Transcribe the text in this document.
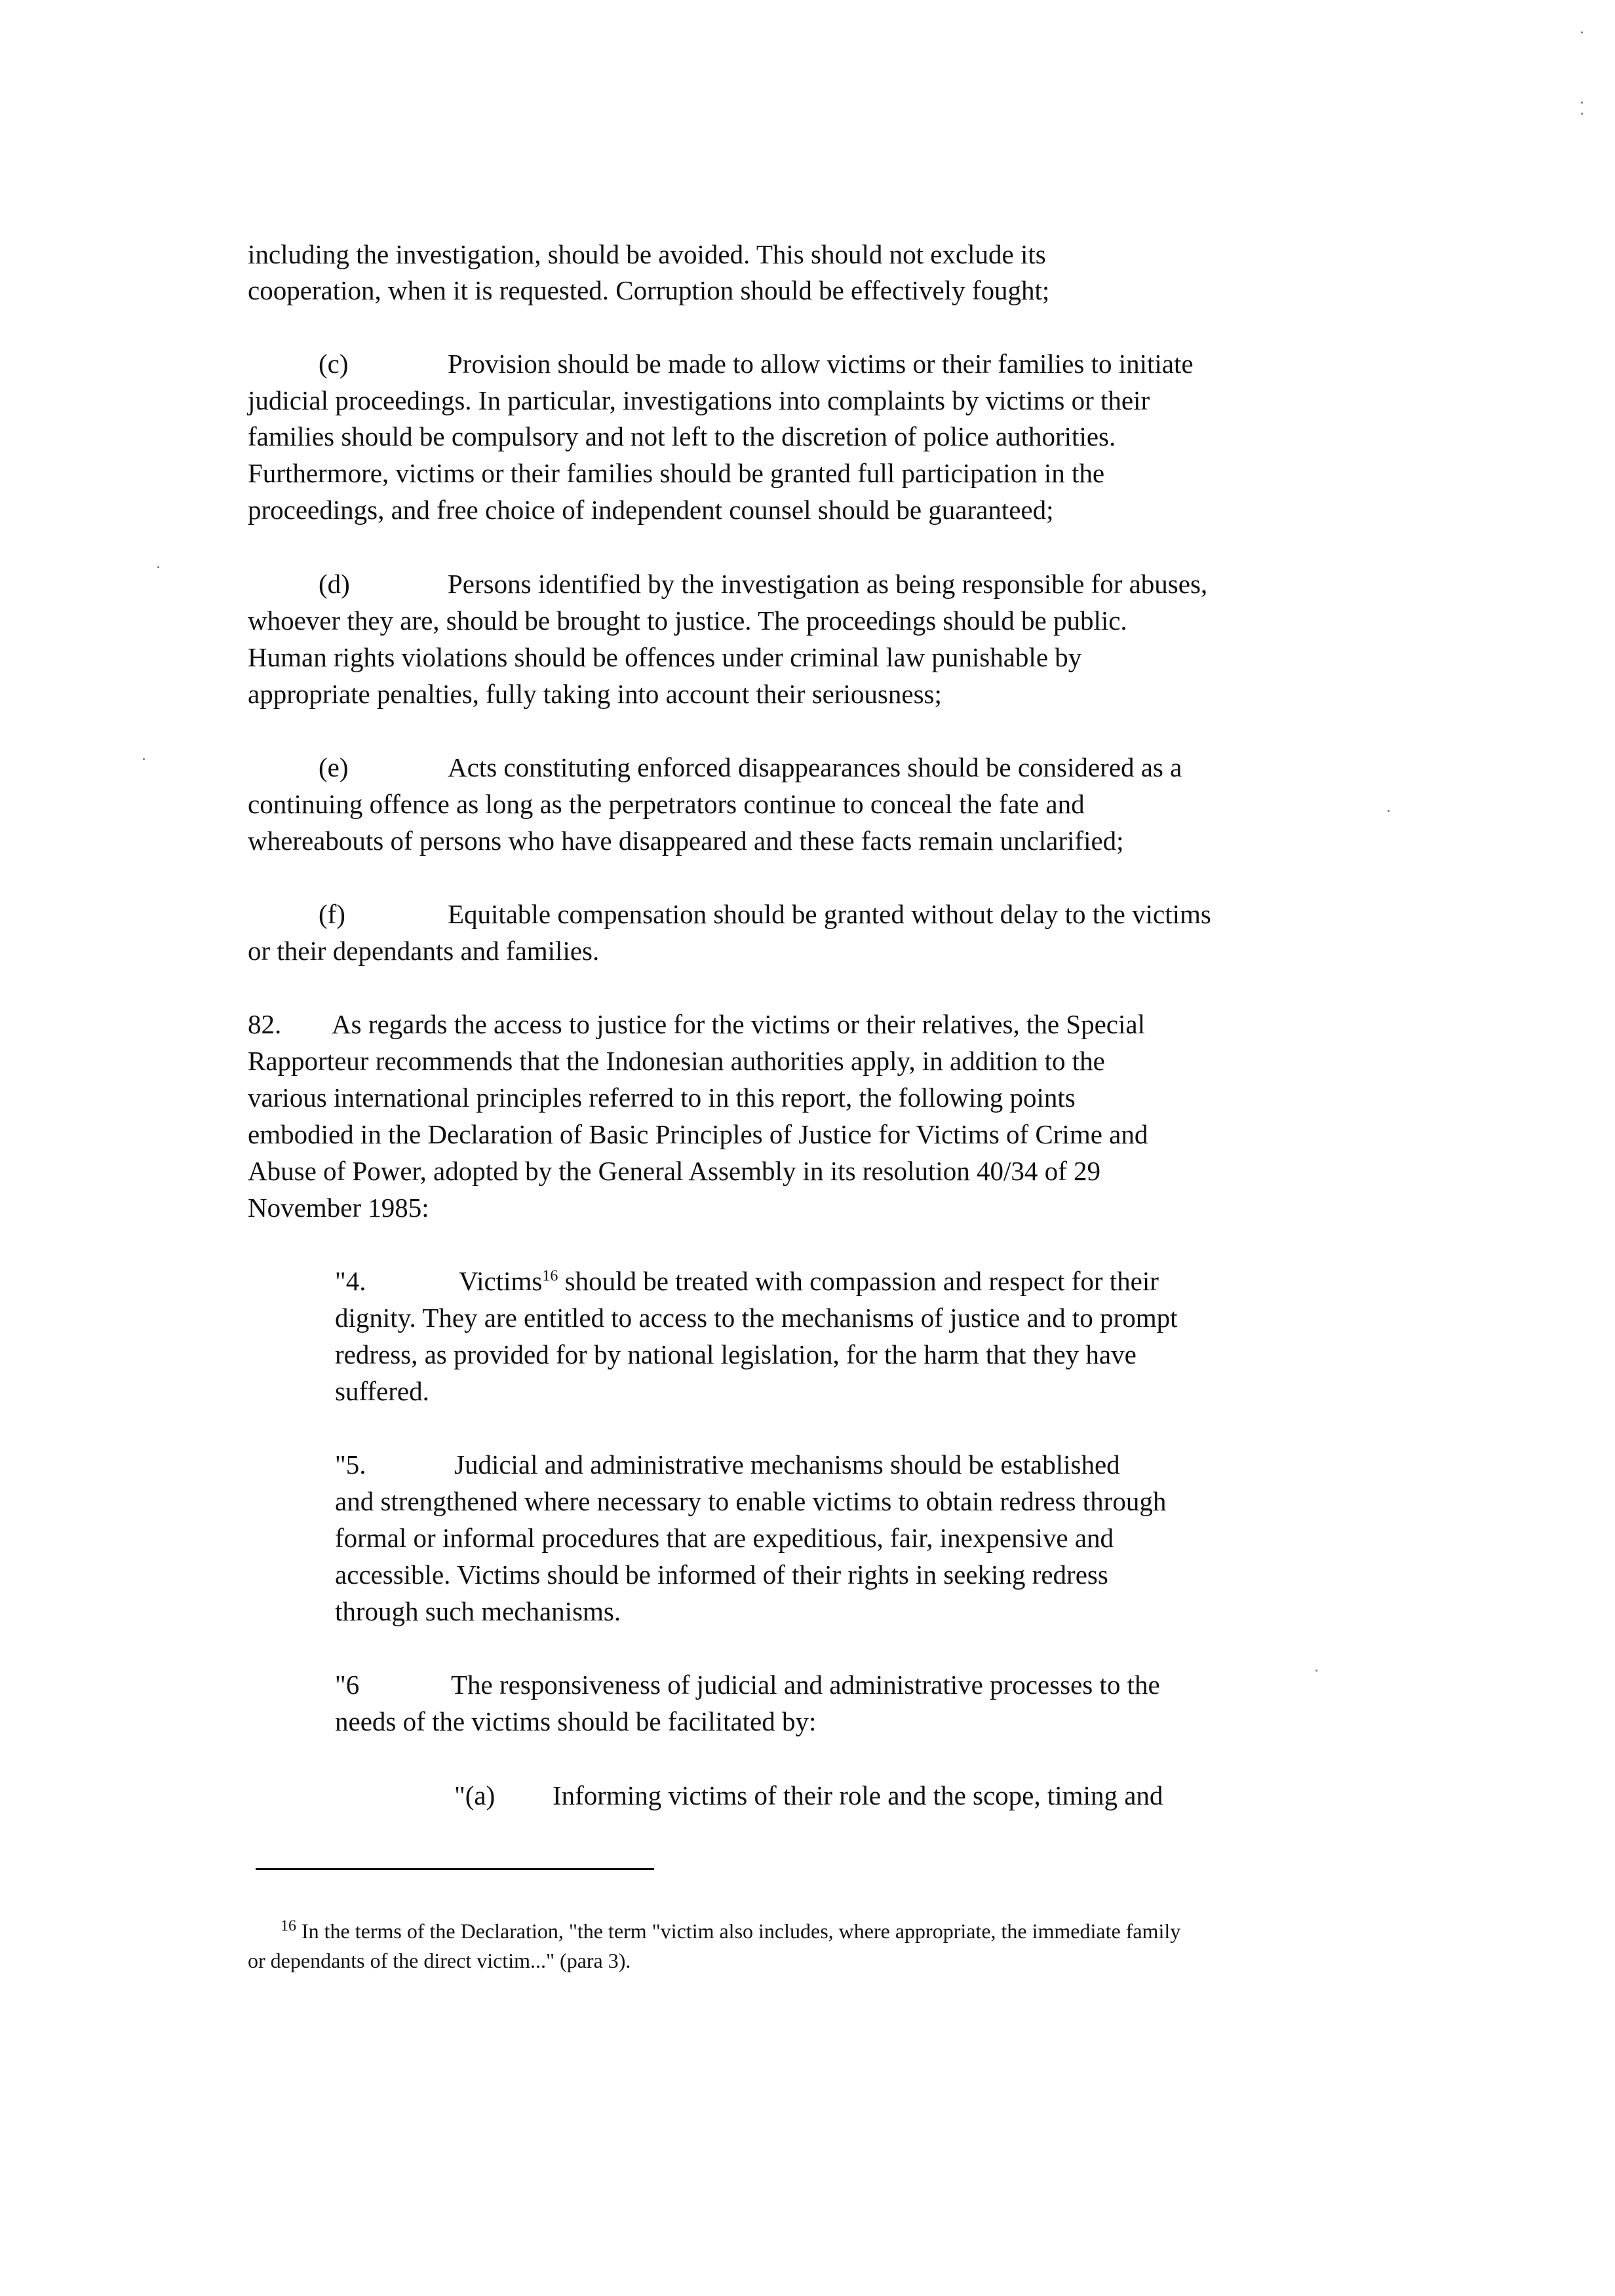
including the investigation, should be avoided. This should not exclude its

cooperation, when it is requested. Corruption should be effectively fought;

(c)	Provision should be made to allow victims or their families to initiate

judicial proceedings. In particular, investigations into complaints by victims or their

families should be compulsory and not left to the discretion of police authorities.

Furthermore, victims or their families should be granted full participation in the

proceedings, and free choice of independent counsel should be guaranteed;

(d)	Persons identified by the investigation as being responsible for abuses,

whoever they are, should be brought to justice. The proceedings should be public.

Human rights violations should be offences under criminal law punishable by

appropriate penalties, fully taking into account their seriousness;

(e)	Acts constituting enforced disappearances should be considered as a

continuing offence as long as the perpetrators continue to conceal the fate and

whereabouts of persons who have disappeared and these facts remain unclarified;

(f)	Equitable compensation should be granted without delay to the victims

or their dependants and families.

82. As regards the access to justice for the victims or their relatives, the Special

Rapporteur recommends that the Indonesian authorities apply, in addition to the

various international principles referred to in this report, the following points

embodied in the Declaration of Basic Principles of Justice for Victims of Crime and

Abuse of Power, adopted by the General Assembly in its resolution 40/34 of 29

November 1985:

"4.	Victims$^{16}$ should be treated with compassion and respect for their

dignity. They are entitled to access to the mechanisms of justice and to prompt

redress, as provided for by national legislation, for the harm that they have

suffered.

"5.	Judicial and administrative mechanisms should be established

and strengthened where necessary to enable victims to obtain redress through

formal or informal procedures that are expeditious, fair, inexpensive and

accessible. Victims should be informed of their rights in seeking redress

through such mechanisms.

"6	The responsiveness of judicial and administrative processes to the

needs of the victims should be facilitated by:

"(a) Informing victims of their role and the scope, timing and

$^{16}$ In the terms of the Declaration, "the term "victim also includes, where appropriate, the immediate family

or dependants of the direct victim..." (para 3).
